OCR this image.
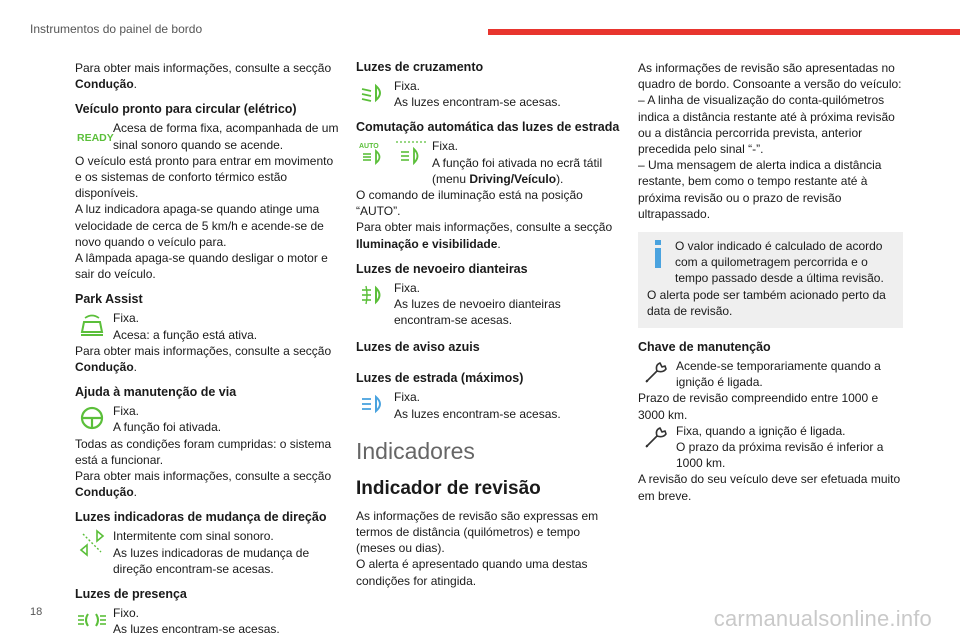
Instrumentos do painel de bordo

Para obter mais informações, consulte a secção Condução.

Veículo pronto para circular (elétrico)
READY
Acesa de forma fixa, acompanhada de um sinal sonoro quando se acende.

O veículo está pronto para entrar em movimento e os sistemas de conforto térmico estão disponíveis.

A luz indicadora apaga-se quando atinge uma velocidade de cerca de 5 km/h e acende-se de novo quando o veículo para.

A lâmpada apaga-se quando desligar o motor e sair do veículo.

Park Assist
Fixa.
Acesa: a função está ativa.

Para obter mais informações, consulte a secção Condução.

Ajuda à manutenção de via
Fixa.
A função foi ativada.

Todas as condições foram cumpridas: o sistema está a funcionar.

Para obter mais informações, consulte a secção Condução.

Luzes indicadoras de mudança de direção
Intermitente com sinal sonoro.
As luzes indicadoras de mudança de direção encontram-se acesas.
Luzes de presença
Fixo.
As luzes encontram-se acesas.
Luzes de cruzamento
Fixa.
As luzes encontram-se acesas.
Comutação automática das luzes de estrada
AUTO	Fixa.
A função foi ativada no ecrã tátil (menu Driving/Veículo).

O comando de iluminação está na posição “AUTO”.

Para obter mais informações, consulte a secção Iluminação e visibilidade.

Luzes de nevoeiro dianteiras
Fixa.
As luzes de nevoeiro dianteiras encontram-se acesas.
Luzes de aviso azuis
Luzes de estrada (máximos)
Fixa.
As luzes encontram-se acesas.
Indicadores
Indicador de revisão

As informações de revisão são expressas em termos de distância (quilómetros) e tempo (meses ou dias).

O alerta é apresentado quando uma destas condições for atingida.

As informações de revisão são apresentadas no quadro de bordo. Consoante a versão do veículo:

– A linha de visualização do conta-quilómetros indica a distância restante até à próxima revisão ou a distância percorrida prevista, anterior precedida pelo sinal “-”.

– Uma mensagem de alerta indica a distância restante, bem como o tempo restante até à próxima revisão ou o prazo de revisão ultrapassado.

O valor indicado é calculado de acordo com a quilometragem percorrida e o tempo passado desde a última revisão.

O alerta pode ser também acionado perto da data de revisão.

Chave de manutenção
Acende-se temporariamente quando a ignição é ligada.

Prazo de revisão compreendido entre 1000 e 3000 km.

Fixa, quando a ignição é ligada.
O prazo da próxima revisão é inferior a 1000 km.

A revisão do seu veículo deve ser efetuada muito em breve.

18	carmanualsonline.info
